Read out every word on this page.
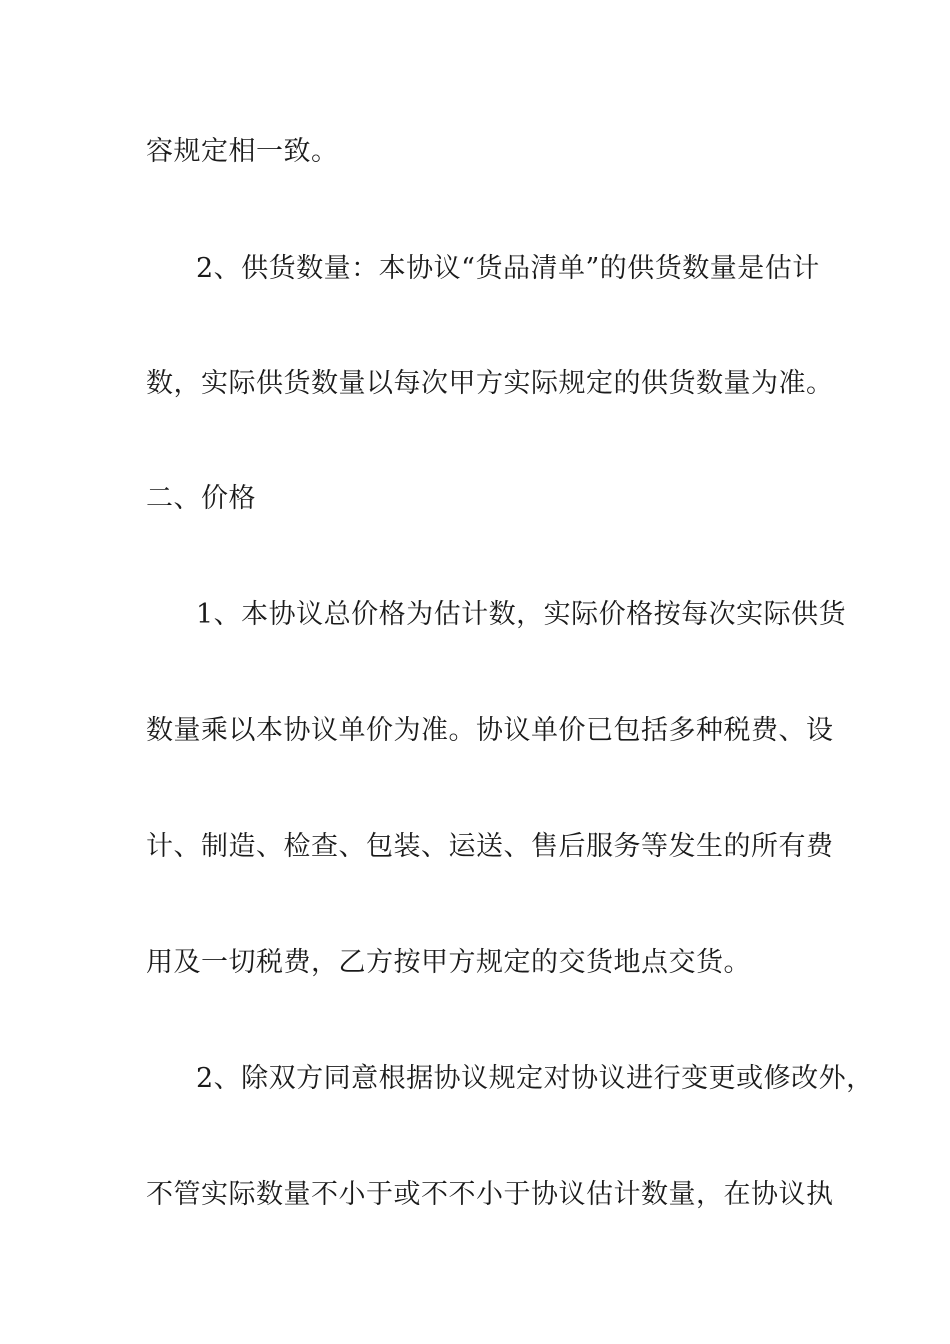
容规定相一致。

2、供货数量：本协议“货品清单”的供货数量是估计

数，实际供货数量以每次甲方实际规定的供货数量为准。

二、价格

1、本协议总价格为估计数，实际价格按每次实际供货

数量乘以本协议单价为准。协议单价已包括多种税费、设

计、制造、检查、包装、运送、售后服务等发生的所有费

用及一切税费，乙方按甲方规定的交货地点交货。

2、除双方同意根据协议规定对协议进行变更或修改外，

不管实际数量不小于或不不小于协议估计数量，在协议执
